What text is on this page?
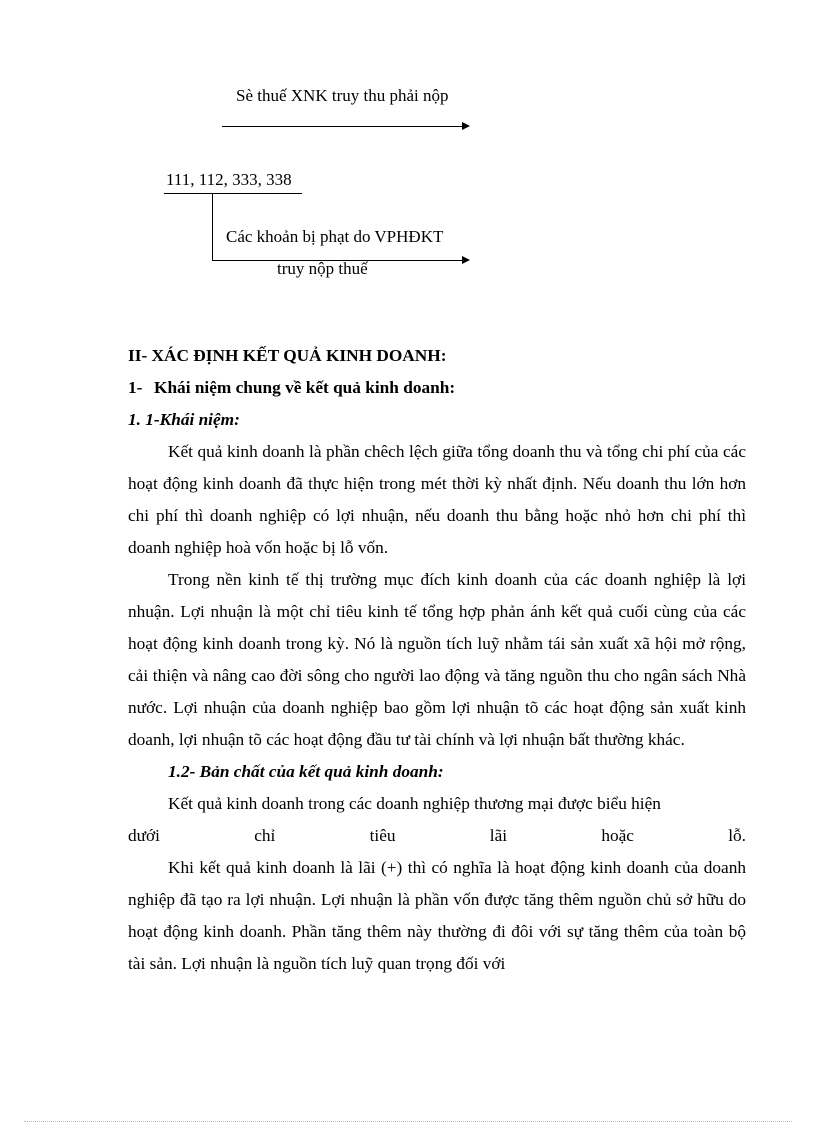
Sè thuế XNK truy thu phải nộp
111, 112, 333, 338
Các khoản bị phạt do VPHĐKT
truy nộp thuế
II- XÁC ĐỊNH KẾT QUẢ KINH DOANH:
1- Khái niệm chung về kết quả kinh doanh:
1. 1-Khái niệm:

Kết quả kinh doanh là phần chêch lệch giữa tổng doanh thu và tổng chi phí của các hoạt động kinh doanh đã thực hiện trong mét thời kỳ nhất định. Nếu doanh thu lớn hơn chi phí thì doanh nghiệp có lợi nhuận, nếu doanh thu bằng hoặc nhỏ hơn chi phí thì doanh nghiệp hoà vốn hoặc bị lỗ vốn.

Trong nền kinh tế thị trường mục đích kinh doanh của các doanh nghiệp là lợi nhuận. Lợi nhuận là một chỉ tiêu kinh tế tổng hợp phản ánh kết quả cuối cùng của các hoạt động kinh doanh trong kỳ. Nó là nguồn tích luỹ nhằm tái sản xuất xã hội mở rộng, cải thiện và nâng cao đời sông cho người lao động và tăng nguồn thu cho ngân sách Nhà nước. Lợi nhuận của doanh nghiệp bao gồm lợi nhuận tõ các hoạt động sản xuất kinh doanh, lợi nhuận tõ các hoạt động đầu tư tài chính và lợi nhuận bất thường khác.

1.2- Bản chất của kết quả kinh doanh:

Kết quả kinh doanh trong các doanh nghiệp thương mại được biểu hiện

dưới chỉ tiêu lãi hoặc lỗ.

Khi kết quả kinh doanh là lãi (+) thì có nghĩa là hoạt động kinh doanh của doanh nghiệp đã tạo ra lợi nhuận. Lợi nhuận là phần vốn được tăng thêm nguồn chủ sở hữu do hoạt động kinh doanh. Phần tăng thêm này thường đi đôi với sự tăng thêm của toàn bộ tài sản. Lợi nhuận là nguồn tích luỹ quan trọng đối với
